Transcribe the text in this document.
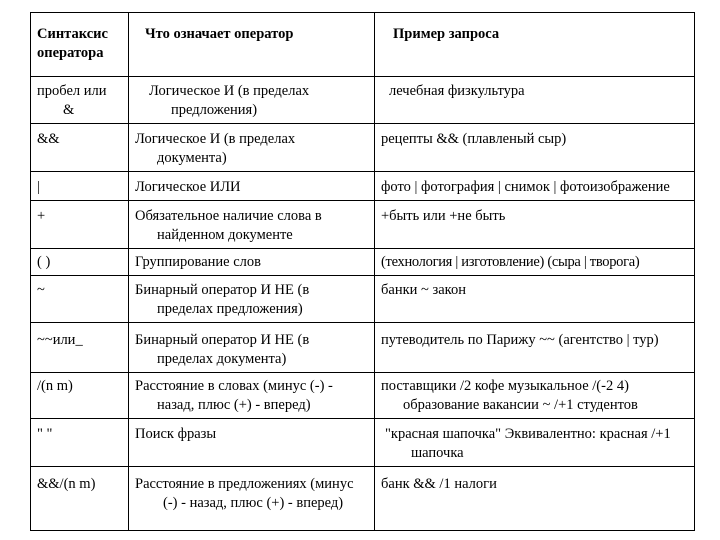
Синтаксис
оператора	Что означает оператор	Пример запроса

пробел или
&	Логическое И (в пределах предложения)	лечебная физкультура
&&	Логическое И (в пределах документа)	рецепты && (плавленый сыр)
|	Логическое ИЛИ	фото | фотография | снимок | фотоизображение

+	Обязательное наличие слова в найденном документе	+быть или +не быть
( )	Группирование слов	(технология | изготовление) (сыра | творога)
~	Бинарный оператор И НЕ (в пределах предложения)	банки ~ закон
~~или_	Бинарный оператор И НЕ (в пределах документа)	путеводитель по Парижу ~~ (агентство | тур)

/(n m)	Расстояние в словах (минус (-) - назад, плюс (+) - вперед)	поставщики /2 кофе музыкальное /(-2 4) образование вакансии ~ /+1 студентов

" "	Поиск фразы	"красная шапочка" Эквивалентно: красная /+1 шапочка

&&/(n m)	Расстояние в предложениях (минус (-) - назад, плюс (+) - вперед)	банк && /1 налоги
